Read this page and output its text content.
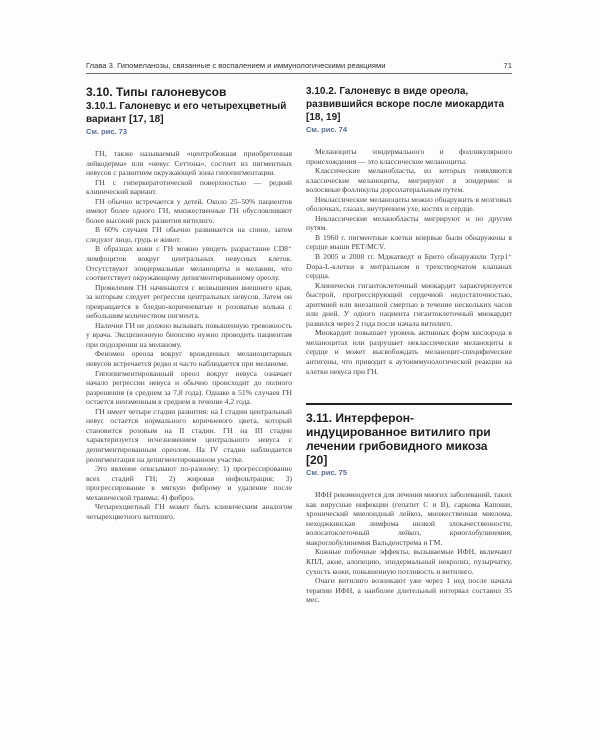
Глава 3. Гипомеланозы, связанные с воспалением и иммунологическими реакциями	71
3.10. Типы галоневусов
3.10.1. Галоневус и его четырехцветный вариант [17, 18]
См. рис. 73

ГН, также называемый «центробежная приобретенная лейкодерма» или «невус Сеттона», состоит из пигментных невусов с развитием окружающей зоны гипопигментации.

ГН с гиперкератотической поверхностью — редкий клинический вариант.

ГН обычно встречается у детей. Около 25–50% пациентов имеют более одного ГН, множественные ГН обусловливают более высокий риск развития витилиго.

В 60% случаев ГН обычно развивается на спине, затем следуют лицо, грудь и живот.

В образцах кожи с ГН можно увидеть разрастание CD8⁺ лимфоцитов вокруг центральных невусных клеток. Отсутствуют эпидермальные меланоциты и мелании, что соответствует окружающему депигментированному ореолу.

Проявления ГН начинаются с возвышения внешнего края, за которым следует регрессия центральных невусов. Затем он превращается в бледно-коричневатые и розоватые колька с небольшим количеством пигмента.

Наличие ГН не должно вызывать повышенную тревожность у врача. Эксцизионную биопсию нужно проводить пациентам при подозрении на меланому.

Феномен ореола вокруг врожденных меланоцитарных невусов встречается редко и часто наблюдается при меланоме.

Гипопигментированный ореол вокруг невуса означает начало регрессии невуса и обычно происходит до полного разрешения (в среднем за 7,8 года). Однако в 51% случаев ГН остается неизменным в среднем в течение 4,2 года.

ГН имеет четыре стадии развития: на I стадии центральный невус остается нормального коричневого цвета, который становится розовым на II стадии. ГН на III стадии характеризуется исчезновением центрального невуса с депигментированным ореолом. На IV стадии наблюдается репигментация на депигментированном участке.

Это явление описывают по-разному: 1) прогрессирование всех стадий ГН; 2) жировая инфильтрация; 3) прогрессирование в мягкую фиброму и удаление после механической травмы; 4) фиброз.

Четырехцветный ГН может быть клиническим аналогом четырехцветного витилиго.

3.10.2. Галоневус в виде ореола, развившийся вскоре после миокардита [18, 19]
См. рис. 74

Меланоциты эпидермального и фолликулярного происхождения — это классические меланоциты.

Классические меланобласты, из которых появляются классические меланоциты, мигрируют в эпидермис и волосяные фолликулы дорсолатеральным путем.

Неклассические меланоциты можно обнаружить в мозговых оболочках, глазах, внутреннем ухе, костях и сердце.

Неклассические меланобласты мигрируют и по другим путям.

В 1960 г. пигментные клетки впервые были обнаружены в сердце мыши PET/MCV.

В 2005 и 2008 гг. Мджатведт и Брито обнаружили Tyrp1⁺ Dopa-L-клетки в митральном и трехстворчатом клапанах сердца.

Клинически гигантоклеточный миокардит характеризуется быстрой, прогрессирующей сердечной недостаточностью, аритмией или внезапной смертью в течение нескольких часов или дней. У одного пациента гигантоклеточный миокардит развился через 2 года после начала витилиго.

Миокардит повышает уровень активных форм кислорода в меланоцитах или разрушает неклассические меланоциты в сердце и может высвобождать меланоцит-специфические антигены, что приводит к аутоиммунологической реакции на клетки невуса при ГН.

3.11. Интерферон-индуцированное витилиго при лечении грибовидного микоза [20]
См. рис. 75

ИФН рекомендуется для лечения многих заболеваний, таких как вирусные инфекции (гепатит С и В), саркома Капоши, хронический миелоидный лейкоз, множественная миелома, неходжкинская лимфома низкой злокачественности, волосатоклеточный лейкоз, криоглобулинемия, макроглобулинемия Вальденстрема и ГМ.

Кожные побочные эффекты, вызываемые ИФН, включают КПЛ, акне, алопецию, эпидермальный некролиз, пузырчатку, сухость кожи, повышенную потливость и витилиго.

Очаги витилиго возникают уже через 1 нед после начала терапии ИФН, а наиболее длительный интервал составил 35 мес.
